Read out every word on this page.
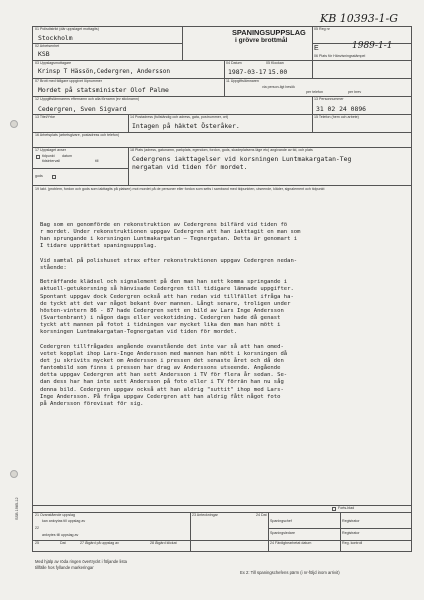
01 Polisdistrikt (där uppslaget mottagits)
Stockholm
02 Arbetsenhet
KSB
SPANINGSUPPSLAG
i grövre brottmål
05 Reg nr
KB 10393-1-G
E	1989-1-1
06 Plats för Hänvisningsstämpel
03 Uppslagsmottagare
Krinsp T Hässön,Cedergren, Andersson
04 Datum	05 Klockan
1987-03-17 15.00
07 Brott med tidigare uppgivet löpnummer
Mordet på statsminister Olof Palme
11 Uppgiftslämnaren
via person-ligt besök
per telefon	per brev
12 Uppgiftslämnarens efternamn och alla förnamn (ev sticknamn)
Cedergren, Sven Sigvard
13 Personnummer
31 02 24 0896
13 Titel/Yrke	14 Postadress (fullständig och adress, gata, postnummer, ort)
Intagen på häktet Österåker.
15 Telefon (hem och arbete)
16 Arbetsplats (arbetsgivare, postadress och telefon)
17 Uppslaget avser
tidpunkt
tidsintervall
datum
till
18 Plats (adress, gatunamn, parkplats, egendom, fordon, gods, skadeplatsens läge etc) angivande av tid, och plats
Cedergrens iakttagelser vid korsningen Luntmakargatan-Teg
nergatan vid tiden för mordet.
gods
19 Iakt. (problem, fordon och gods som iakttagits på platsen) mot mordet på de personer eller fordon som setts i samband med tidpunkten, utseende, kläder, signalement och tidpunkt

Bag som en genomförde en rekonstruktion av Cedergrens bilfärd vid tiden fö
r mordet. Under rekonstruktionen uppgav Cedergren att han iakttagit en man som
han sprungande i korsningen Luntmakargatan – Tegnergatan. Detta är genomart i
I tidare upprättat spaningsuppslag.

Vid samtal på polishuset strax efter rekonstruktionen uppgav Cedergren nedan-
stående:

Beträffande klädsel och signalement på den man han sett komma springande i
aktuell-getukorsning så hänvisade Cedergren till tidigare lämnade uppgifter.
Spontant uppgav dock Cedergren också att han redan vid tillfället ifråga ha-
de tyckt att det var något bekant över mannen. Långt senare, troligen under
hösten-vintern 86 - 87 hade Cedergren sett en bild av Lars Inge Andersson
(Svartenbrant) i någon dags eller veckotidning. Cedergren hade då genast
tyckt att mannen på fotot i tidningen var mycket lika den man han mött i
korsningen Luntmakargatan-Tegnergatan vid tiden för mordet.

Cedergren tillfrågades angående ovanstående det inte var så att han omed-
vetet kopplat ihop Lars-Inge Andersson med mannen han mött i korsningen då
det ju skrivits mycket om Andersson i pressen det senaste året och då den
fantombild som finns i pressen har drag av Anderssons utseende. Angående
detta uppgav Cedergren att han sett Andersson i TV för flera år sedan. Se-
dan dess har han inte sett Andersson på foto eller i TV förrän han nu såg
denna bild. Cedergren uppgav också att han aldrig "suttit" ihop med Lars-
Inge Andersson. På fråga uppgav Cedergren att han aldrig fått något foto
på Andersson förevisat för sig.

Forts-blad
21 Ovanstående uppslag
kan ankrytas till uppslag av
22
ankrytes till uppslag av
23 Anteckningar	24 Dat
Spaningschef	Registrator
Spaningsledare	Registrator
25	Dat	27 Åtgärd på uppslag av	28 Åtgärd klickat	24 Färdigbearbetat datum	Reg. kontroll
SSB 1985-12
Med hjälp av röda ringen övertryckt i följande lista
tillfälle hos fyllande markeringar
Ex 2: Till spaningschefens pärm (i nr-följd inom arrivit)
